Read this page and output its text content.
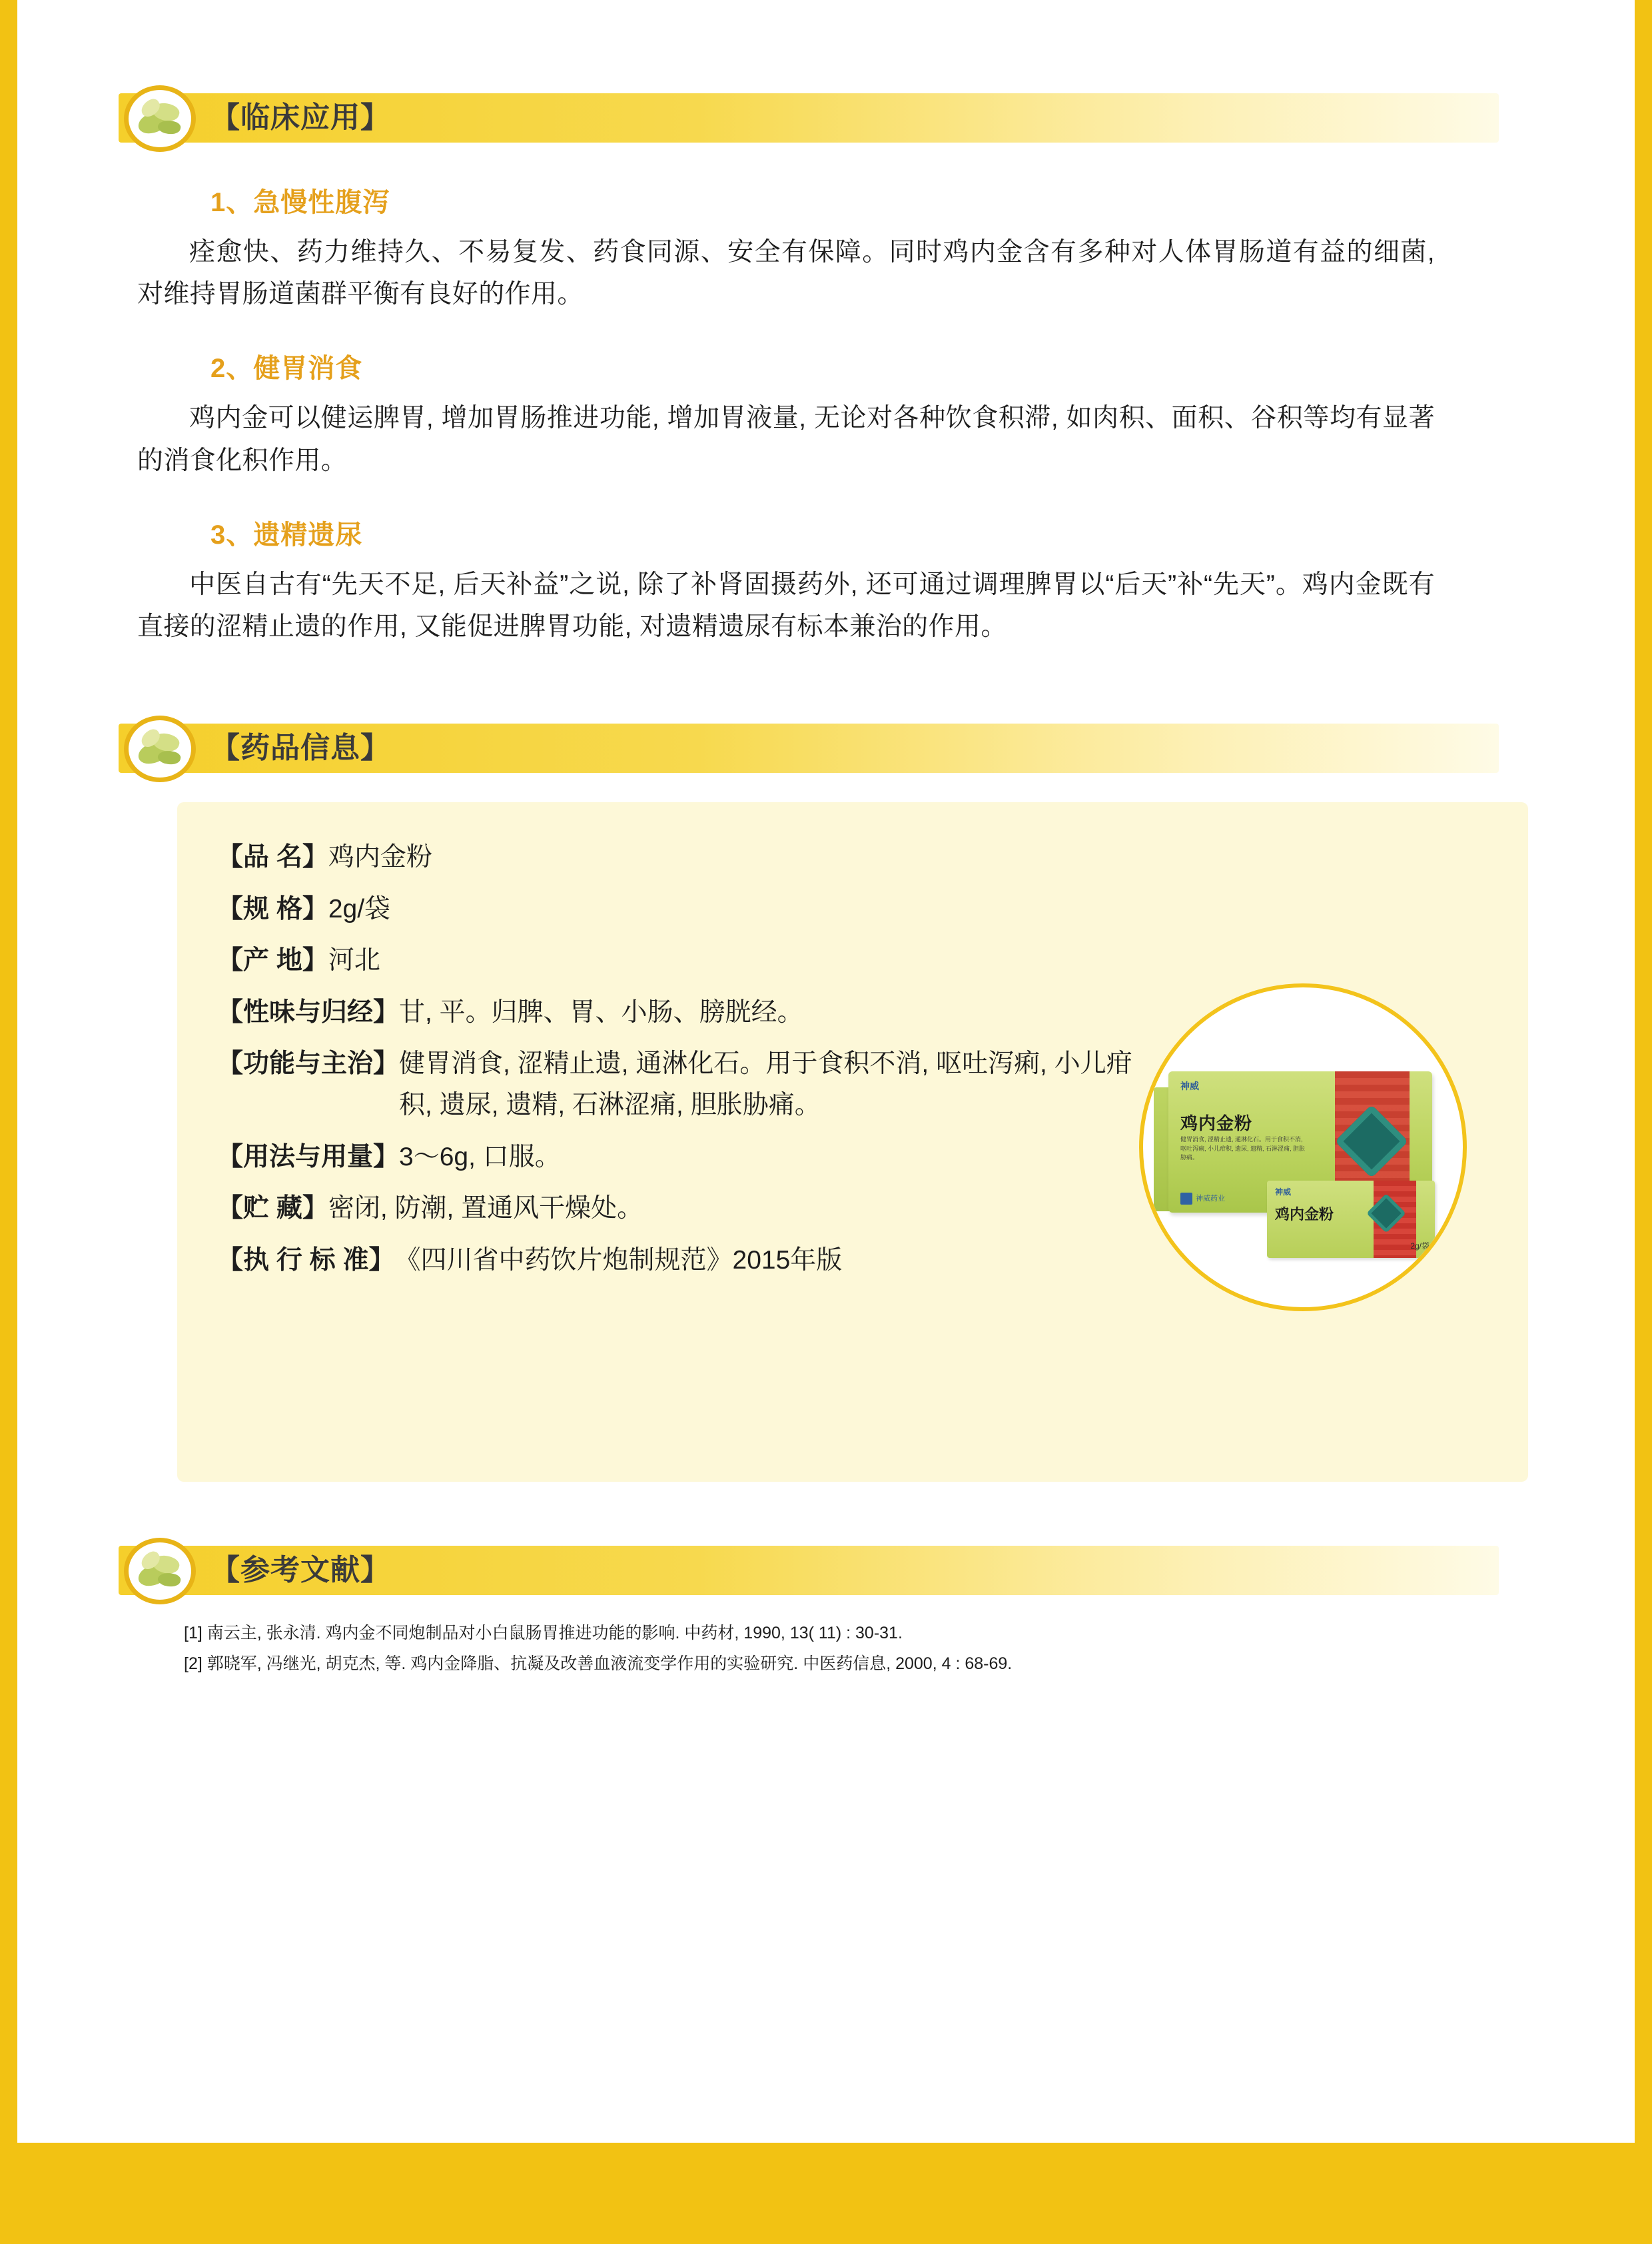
【临床应用】
1、急慢性腹泻
痊愈快、药力维持久、不易复发、药食同源、安全有保障。同时鸡内金含有多种对人体胃肠道有益的细菌, 对维持胃肠道菌群平衡有良好的作用。
2、健胃消食
鸡内金可以健运脾胃, 增加胃肠推进功能, 增加胃液量, 无论对各种饮食积滞, 如肉积、面积、谷积等均有显著的消食化积作用。
3、遗精遗尿
中医自古有“先天不足, 后天补益”之说, 除了补肾固摄药外, 还可通过调理脾胃以“后天”补“先天”。鸡内金既有直接的涩精止遗的作用, 又能促进脾胃功能, 对遗精遗尿有标本兼治的作用。
【药品信息】
【品 名】 鸡内金粉
【规 格】 2g/袋
【产 地】 河北
【性味与归经】 甘, 平。归脾、胃、小肠、膀胱经。
【功能与主治】 健胃消食, 涩精止遗, 通淋化石。用于食积不消, 呕吐泻痢, 小儿疳积, 遗尿, 遗精, 石淋涩痛, 胆胀胁痛。
【用法与用量】 3～6g, 口服。
【贮 藏】 密闭, 防潮, 置通风干燥处。
【执 行 标 准】 《四川省中药饮片炮制规范》2015年版
神威
鸡内金粉
健胃消食, 涩精止遗, 通淋化石。用于食积不消, 呕吐泻痢, 小儿疳积, 遗尿, 遗精, 石淋涩痛, 胆胀胁痛。
神威药业
神威
鸡内金粉
2g/袋
【参考文献】
[1] 南云主, 张永清. 鸡内金不同炮制品对小白鼠肠胃推进功能的影响. 中药材, 1990, 13( 11) : 30-31.
[2] 郭晓军, 冯继光, 胡克杰, 等. 鸡内金降脂、抗凝及改善血液流变学作用的实验研究. 中医药信息, 2000, 4 : 68-69.
